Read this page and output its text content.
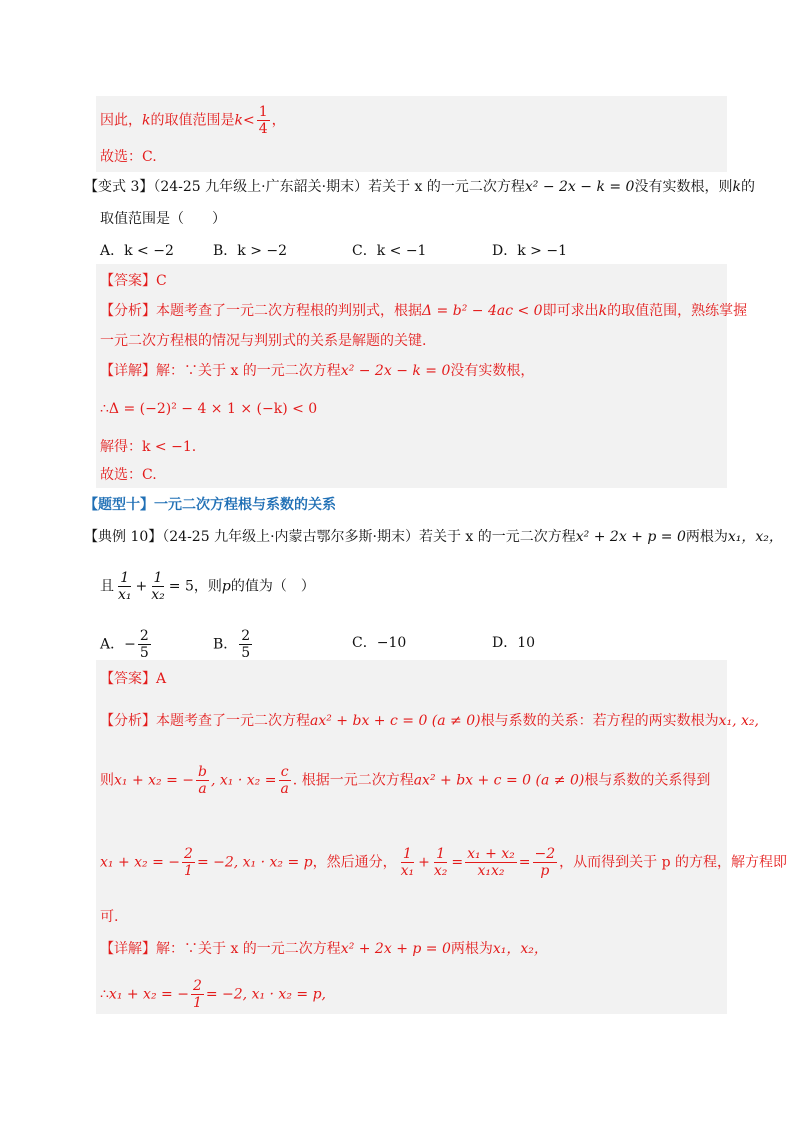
因此，k的取值范围是$k< \frac{1}{4}$ ，
故选：C.
【变式 3】（24-25 九年级上·广东韶关·期末）若关于 x 的一元二次方程x² − 2x − k = 0没有实数根，则k的
取值范围是（　　）
A．k < −2	B．k > −2	C．k < −1	D．k > −1
【答案】C
【分析】本题考查了一元二次方程根的判别式，根据Δ = b² − 4ac < 0即可求出k的取值范围，熟练掌握
一元二次方程根的情况与判别式的关系是解题的关键.
【详解】解：∵关于 x 的一元二次方程x² − 2x − k = 0没有实数根，
∴Δ = (−2)² − 4 × 1 × (−k) < 0
解得：k < −1.
故选：C.
【题型十】一元二次方程根与系数的关系
【典例 10】（24-25 九年级上·内蒙古鄂尔多斯·期末）若关于 x 的一元二次方程x² + 2x + p = 0两根为x₁，x₂，
且 $\frac{1}{\text{x₁}} + \frac{1}{\text{x₂}} = 5$，则p的值为（　）
A．− $\frac{2}{5}$	B． $\frac{2}{5}$	C．−10	D．10
【答案】A
【分析】本题考查了一元二次方程ax² + bx + c = 0 (a ≠ 0)根与系数的关系：若方程的两实数根为x₁, x₂,
则x₁ + x₂ = − $\frac{b}{a}$ , $x_1 \cdot x_2 = \frac{c}{a}$ . 根据一元二次方程ax² + bx + c = 0 (a ≠ 0)根与系数的关系得到
x₁ + x₂ = − $\frac{2}{1} = -2$, x₁ · x₂ = p，然后通分， $\frac{1}{\text{x₁}} + \frac{1}{\text{x₂}} = \frac{\text{x₁ + x₂}}{\text{x₁x₂}} = \frac{-2}{p}$ ，从而得到关于 p 的方程，解方程即
可.
【详解】解：∵关于 x 的一元二次方程x² + 2x + p = 0两根为x₁，x₂，
∴x₁ + x₂ = − $\frac{2}{1} = -2$, x₁ · x₂ = p,
